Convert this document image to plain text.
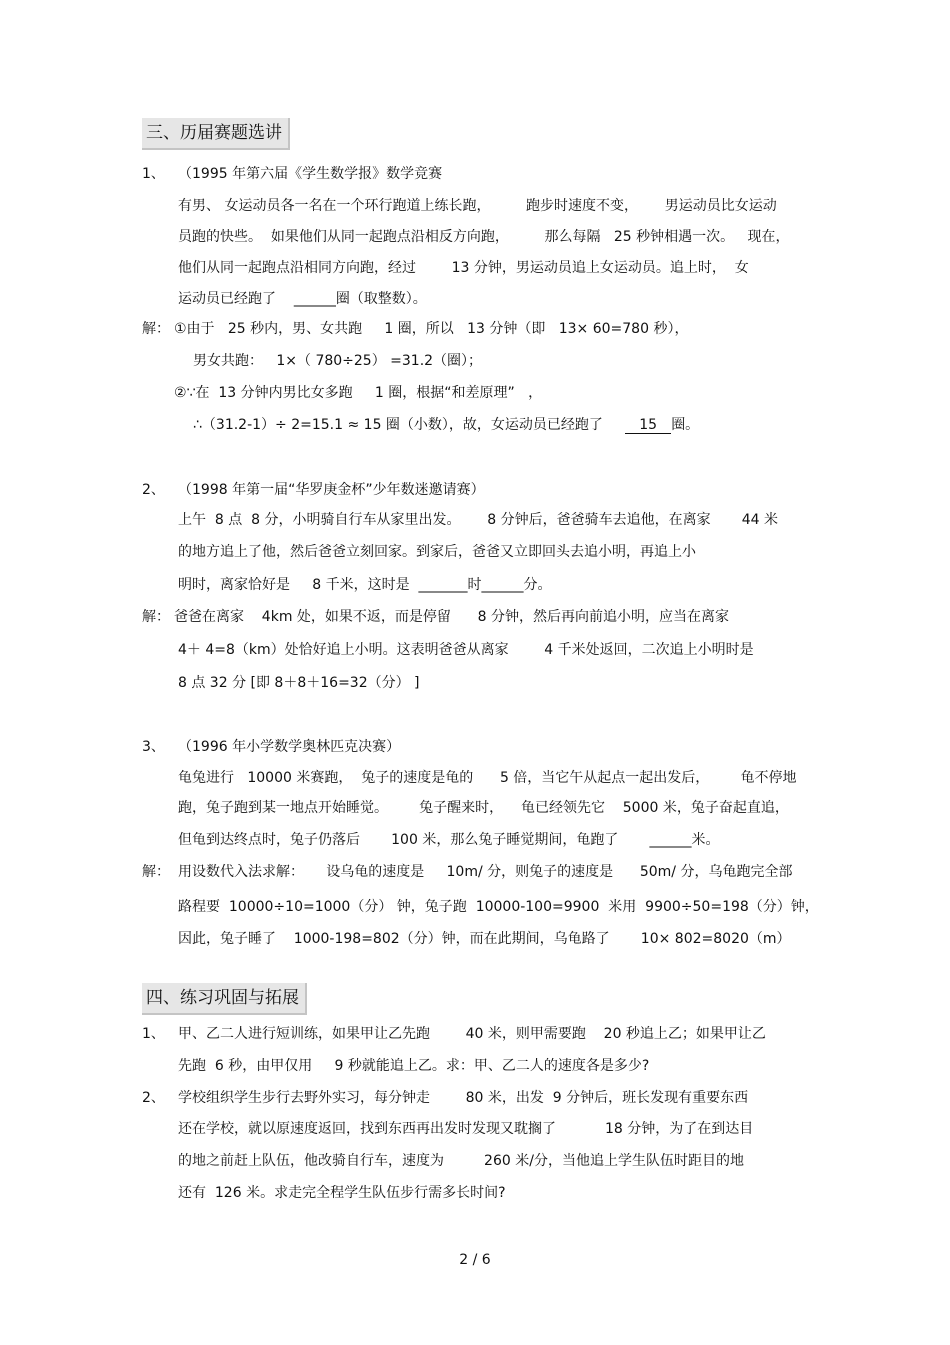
三、历届赛题选讲
1、 （1995 年第六届《学生数学报》数学竞赛
有男、 女运动员各一名在一个环行跑道上练长跑，        跑步时速度不变，      男运动员比女运动
员跑的快些。  如果他们从同一起跑点沿相反方向跑，        那么每隔   25 秒钟相遇一次。   现在，
他们从同一起跑点沿相同方向跑，经过        13 分钟，男运动员追上女运动员。追上时，  女
运动员已经跑了    ______圈（取整数）。
解： ①由于   25 秒内，男、女共跑     1 圈，所以   13 分钟（即   13× 60=780 秒），
男女共跑：   1×（ 780÷25） =31.2（圈）；
②∵在  13 分钟内男比女多跑     1 圈，根据“和差原理”   ，
∴（31.2-1）÷ 2=15.1 ≈ 15 圈（小数），故，女运动员已经跑了     15 圈。
2、 （1998 年第一届“华罗庚金杯”少年数迷邀请赛）
上午  8 点  8 分，小明骑自行车从家里出发。      8 分钟后，爸爸骑车去追他，在离家       44 米
的地方追上了他，然后爸爸立刻回家。到家后，爸爸又立即回头去追小明，再追上小
明时，离家恰好是     8 千米，这时是  _______时______分。
解： 爸爸在离家    4km 处，如果不返，而是停留      8 分钟，然后再向前追小明，应当在离家
4＋ 4=8（km）处恰好追上小明。这表明爸爸从离家        4 千米处返回，二次追上小明时是
8 点 32 分 [即 8＋8＋16=32（分） ]
3、 （1996 年小学数学奥林匹克决赛）
龟兔进行   10000 米赛跑，  兔子的速度是龟的      5 倍，当它午从起点一起出发后，       龟不停地
跑，兔子跑到某一地点开始睡觉。       兔子醒来时，    龟已经领先它    5000 米，兔子奋起直追，
但龟到达终点时，兔子仍落后       100 米，那么兔子睡觉期间，龟跑了       ______米。
解： 用设数代入法求解：     设乌龟的速度是     10m/ 分，则兔子的速度是      50m/ 分，乌龟跑完全部
路程要  10000÷10=1000（分） 钟，兔子跑  10000-100=9900  米用  9900÷50=198（分）钟，
因此，兔子睡了    1000-198=802（分）钟，而在此期间，乌龟路了       10× 802=8020（m）
四、练习巩固与拓展
1、 甲、乙二人进行短训练，如果甲让乙先跑        40 米，则甲需要跑    20 秒追上乙；如果甲让乙
先跑  6 秒，由甲仅用     9 秒就能追上乙。求：甲、乙二人的速度各是多少?
2、 学校组织学生步行去野外实习，每分钟走        80 米，出发  9 分钟后，班长发现有重要东西
还在学校，就以原速度返回，找到东西再出发时发现又耽搁了           18 分钟，为了在到达目
的地之前赶上队伍，他改骑自行车，速度为         260 米/分，当他追上学生队伍时距目的地
还有  126 米。求走完全程学生队伍步行需多长时间?
2 / 6
